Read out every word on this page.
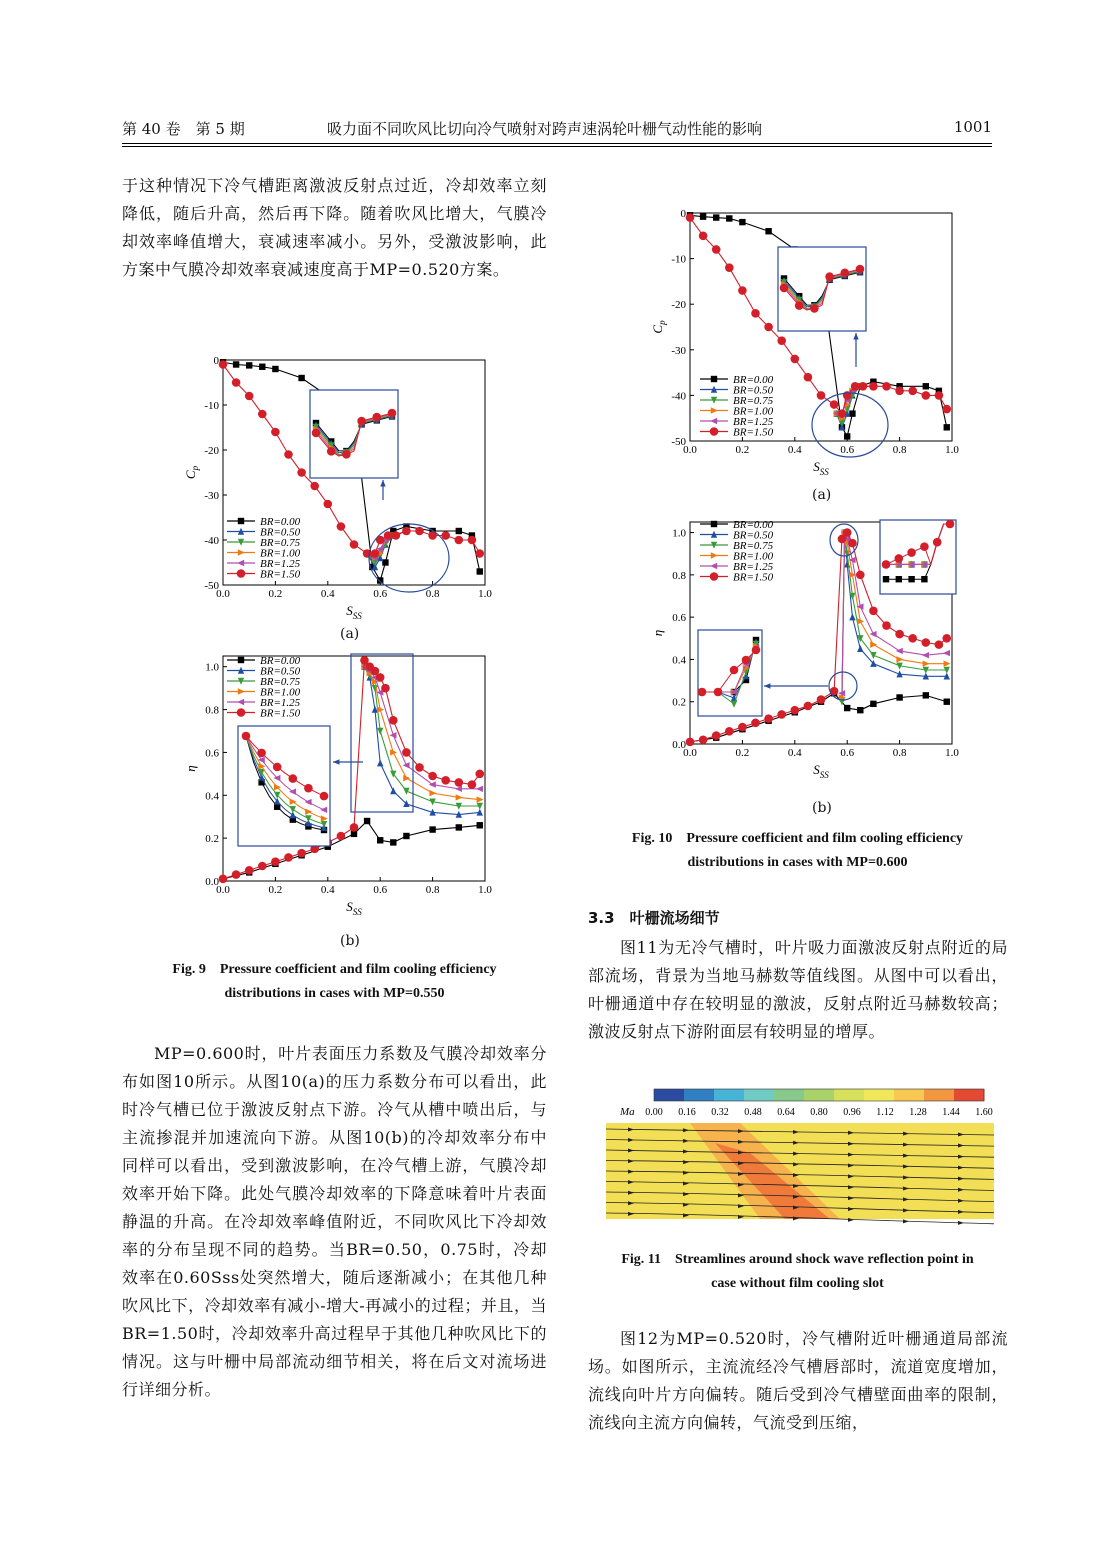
第 40 卷　第 5 期	吸力面不同吹风比切向冷气喷射对跨声速涡轮叶栅气动性能的影响	1001

于这种情况下冷气槽距离激波反射点过近，冷却效率立刻降低，随后升高，然后再下降。随着吹风比增大，气膜冷却效率峰值增大，衰减速率减小。另外，受激波影响，此方案中气膜冷却效率衰减速度高于MP=0.520方案。

0.0	0.2	0.4	0.6	0.8	1.0
0
-10
-20
-30
-40
-50
$S_{SS}$
$C_p$
BR=0.00
BR=0.50
BR=0.75
BR=1.00
BR=1.25
BR=1.50
(a)
0.0	0.2	0.4	0.6	0.8	1.0
0.0
0.2
0.4
0.6
0.8
1.0
$S_{SS}$
η
BR=0.00
BR=0.50
BR=0.75
BR=1.00
BR=1.25
BR=1.50
(b)
Fig. 9　Pressure coefficient and film cooling efficiency
distributions in cases with MP=0.550

MP=0.600时，叶片表面压力系数及气膜冷却效率分布如图10所示。从图10(a)的压力系数分布可以看出，此时冷气槽已位于激波反射点下游。冷气从槽中喷出后，与主流掺混并加速流向下游。从图10(b)的冷却效率分布中同样可以看出，受到激波影响，在冷气槽上游，气膜冷却效率开始下降。此处气膜冷却效率的下降意味着叶片表面静温的升高。在冷却效率峰值附近，不同吹风比下冷却效率的分布呈现不同的趋势。当BR=0.50，0.75时，冷却效率在0.60Sss处突然增大，随后逐渐减小；在其他几种吹风比下，冷却效率有减小-增大-再减小的过程；并且，当BR=1.50时，冷却效率升高过程早于其他几种吹风比下的情况。这与叶栅中局部流动细节相关，将在后文对流场进行详细分析。

0.0	0.2	0.4	0.6	0.8	1.0
0
-10
-20
-30
-40
-50
$S_{SS}$
$C_p$
BR=0.00
BR=0.50
BR=0.75
BR=1.00
BR=1.25
BR=1.50
(a)
0.0	0.2	0.4	0.6	0.8	1.0
0.0
0.2
0.4
0.6
0.8
1.0
$S_{SS}$
η
BR=0.00
BR=0.50
BR=0.75
BR=1.00
BR=1.25
BR=1.50
(b)
Fig. 10　Pressure coefficient and film cooling efficiency
distributions in cases with MP=0.600
3.3　叶栅流场细节

图11为无冷气槽时，叶片吸力面激波反射点附近的局部流场，背景为当地马赫数等值线图。从图中可以看出，叶栅通道中存在较明显的激波，反射点附近马赫数较高；激波反射点下游附面层有较明显的增厚。

Ma 0.00 0.16 0.32 0.48 0.64 0.80 0.96 1.12 1.28 1.44 1.60
Fig. 11　Streamlines around shock wave reflection point in
case without film cooling slot

图12为MP=0.520时，冷气槽附近叶栅通道局部流场。如图所示，主流流经冷气槽唇部时，流道宽度增加，流线向叶片方向偏转。随后受到冷气槽壁面曲率的限制，流线向主流方向偏转，气流受到压缩，
